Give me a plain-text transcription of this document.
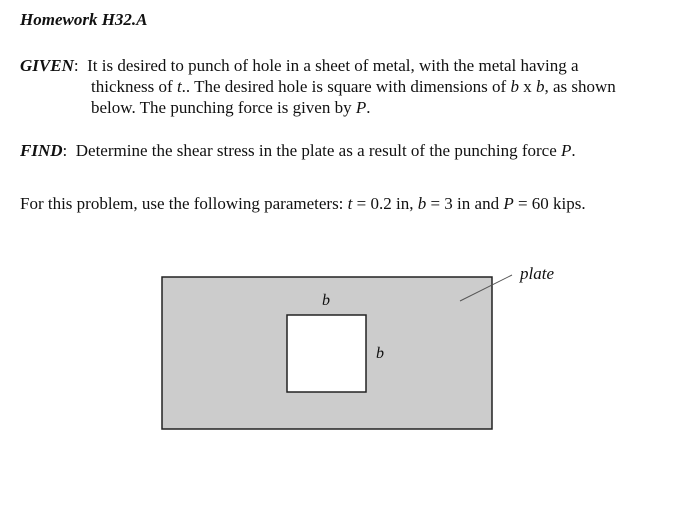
Homework H32.A
GIVEN:  It is desired to punch of hole in a sheet of metal, with the metal having a
thickness of t.. The desired hole is square with dimensions of b x b, as shown
below. The punching force is given by P.
FIND:  Determine the shear stress in the plate as a result of the punching force P.
For this problem, use the following parameters: t = 0.2 in, b = 3 in and P = 60 kips.
plate
b
b
